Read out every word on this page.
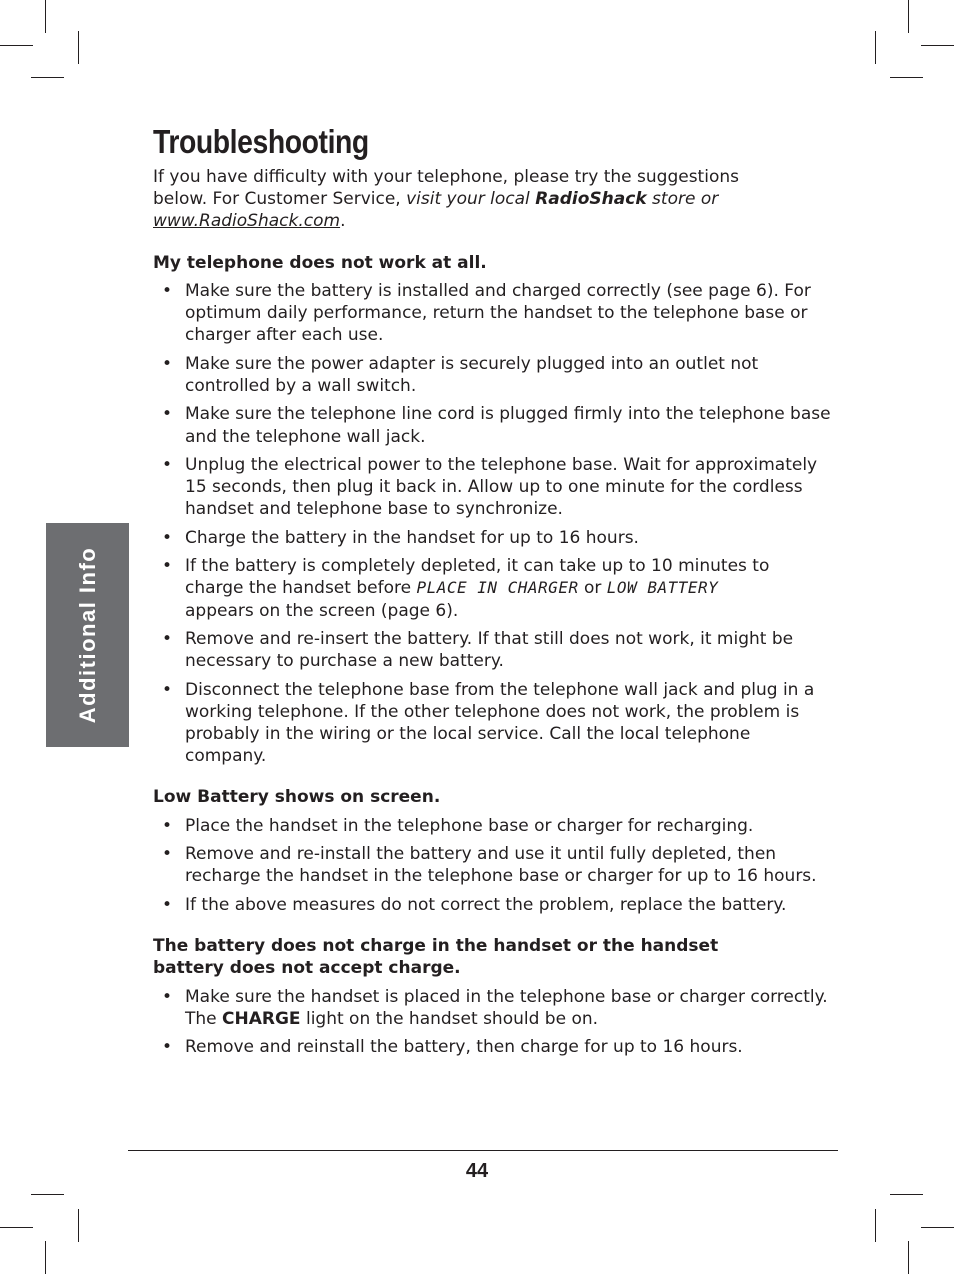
Additional Info
Troubleshooting

If you have difficulty with your telephone, please try the suggestions below. For Customer Service, visit your local RadioShack store or
www.RadioShack.com.

My telephone does not work at all.

• Make sure the battery is installed and charged correctly (see page 6). For optimum daily performance, return the handset to the telephone base or charger after each use.
• Make sure the power adapter is securely plugged into an outlet not controlled by a wall switch.
• Make sure the telephone line cord is plugged firmly into the telephone base and the telephone wall jack.
• Unplug the electrical power to the telephone base. Wait for approximately 15 seconds, then plug it back in. Allow up to one minute for the cordless handset and telephone base to synchronize.
• Charge the battery in the handset for up to 16 hours.
• If the battery is completely depleted, it can take up to 10 minutes to charge the handset before PLACE IN CHARGER or LOW BATTERY appears on the screen (page 6).
• Remove and re-insert the battery. If that still does not work, it might be necessary to purchase a new battery.
• Disconnect the telephone base from the telephone wall jack and plug in a working telephone. If the other telephone does not work, the problem is probably in the wiring or the local service. Call the local telephone company.

Low Battery shows on screen.

• Place the handset in the telephone base or charger for recharging.
• Remove and re-install the battery and use it until fully depleted, then recharge the handset in the telephone base or charger for up to 16 hours.
• If the above measures do not correct the problem, replace the battery.

The battery does not charge in the handset or the handset battery does not accept charge.

• Make sure the handset is placed in the telephone base or charger correctly. The CHARGE light on the handset should be on.
• Remove and reinstall the battery, then charge for up to 16 hours.
44
